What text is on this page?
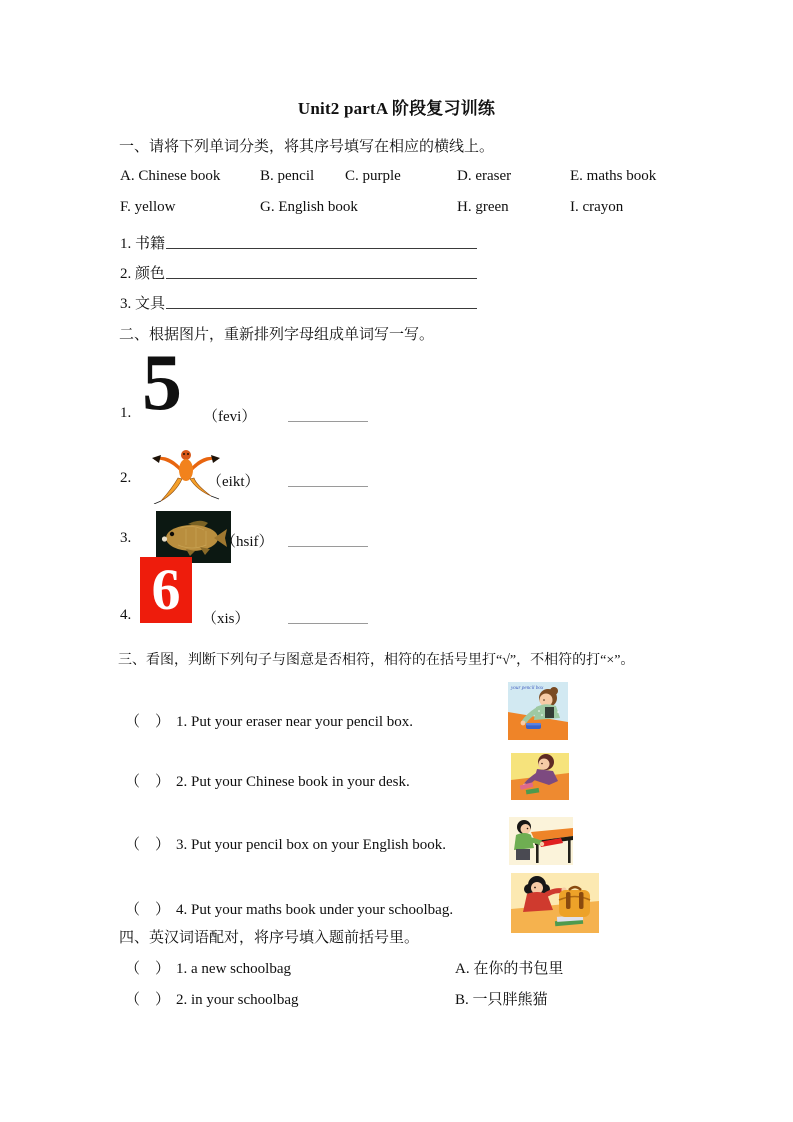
Unit2 partA 阶段复习训练
一、请将下列单词分类，将其序号填写在相应的横线上。
A. Chinese book	B. pencil C. purple	D. eraser	E. maths book
F. yellow	G. English book	H. green	I. crayon
1. 书籍
2. 颜色
3. 文具
二、根据图片，重新排列字母组成单词写一写。
5
1.	（fevi）

2.	（eikt）

3.	（hsif）
6
4.	（xis）
三、看图，判断下列句子与图意是否相符，相符的在括号里打“√”，不相符的打“×”。
（　） 1. Put your eraser near your pencil box.
（　） 2. Put your Chinese book in your desk.
（　） 3. Put your pencil box on your English book.
（　） 4. Put your maths book under your schoolbag.

your pencil box

四、英汉词语配对，将序号填入题前括号里。
（　） 1. a new schoolbag	A. 在你的书包里
（　） 2. in your schoolbag	B. 一只胖熊猫
